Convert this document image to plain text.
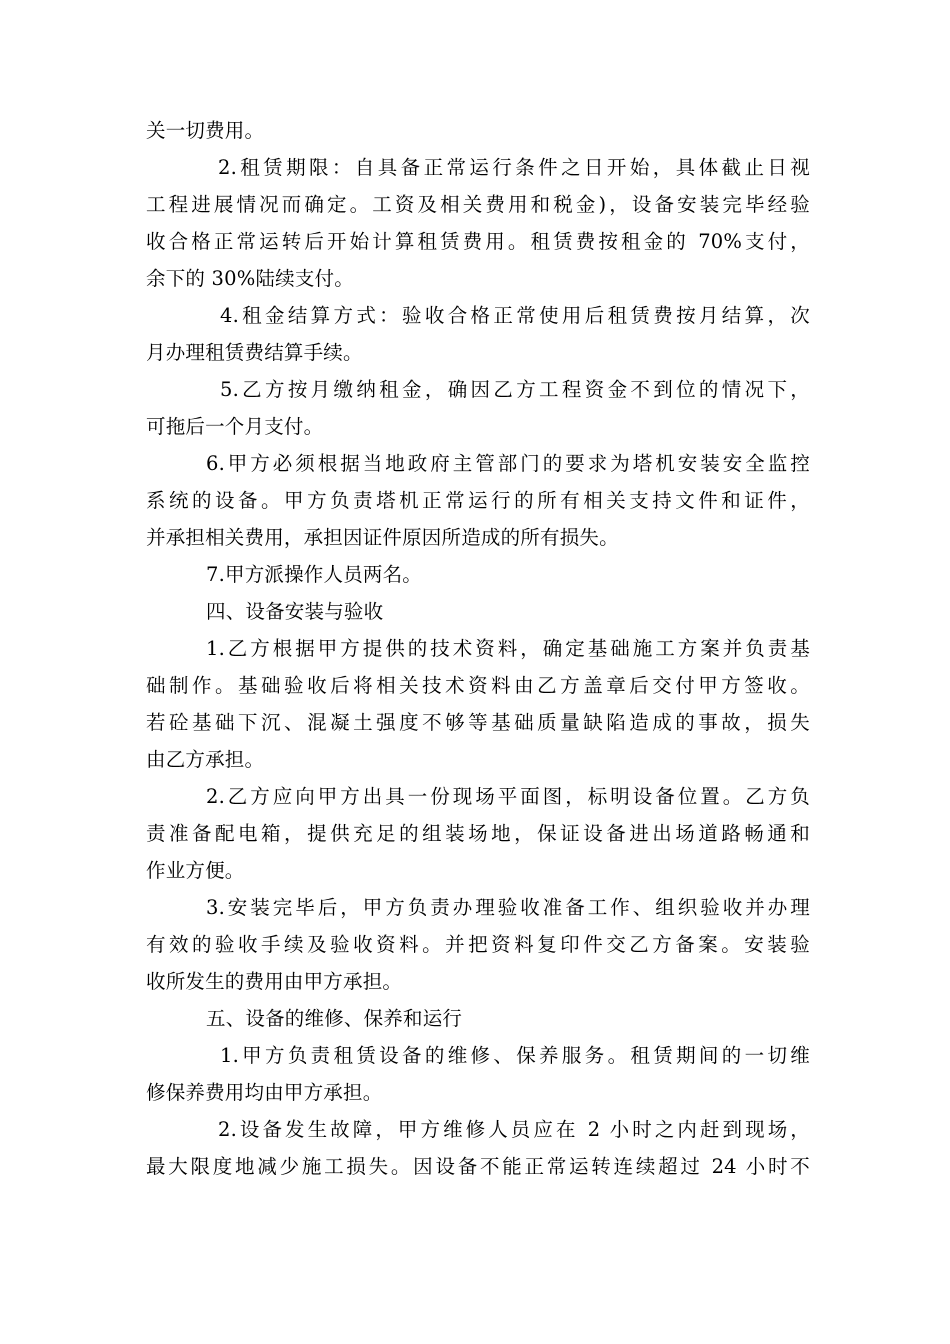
关一切费用。
2.租赁期限：自具备正常运行条件之日开始，具体截止日视
工程进展情况而确定。工资及相关费用和税金)，设备安装完毕经验
收合格正常运转后开始计算租赁费用。租赁费按租金的 70%支付，
余下的 30%陆续支付。
4.租金结算方式：验收合格正常使用后租赁费按月结算，次
月办理租赁费结算手续。
5.乙方按月缴纳租金，确因乙方工程资金不到位的情况下，
可拖后一个月支付。
6.甲方必须根据当地政府主管部门的要求为塔机安装安全监控
系统的设备。甲方负责塔机正常运行的所有相关支持文件和证件，
并承担相关费用，承担因证件原因所造成的所有损失。
7.甲方派操作人员两名。
四、设备安装与验收
1.乙方根据甲方提供的技术资料，确定基础施工方案并负责基
础制作。基础验收后将相关技术资料由乙方盖章后交付甲方签收。
若砼基础下沉、混凝土强度不够等基础质量缺陷造成的事故，损失
由乙方承担。
2.乙方应向甲方出具一份现场平面图，标明设备位置。乙方负
责准备配电箱，提供充足的组装场地，保证设备进出场道路畅通和
作业方便。
3.安装完毕后，甲方负责办理验收准备工作、组织验收并办理
有效的验收手续及验收资料。并把资料复印件交乙方备案。安装验
收所发生的费用由甲方承担。
五、设备的维修、保养和运行
1.甲方负责租赁设备的维修、保养服务。租赁期间的一切维
修保养费用均由甲方承担。
2.设备发生故障，甲方维修人员应在 2 小时之内赶到现场，
最大限度地减少施工损失。因设备不能正常运转连续超过 24 小时不
